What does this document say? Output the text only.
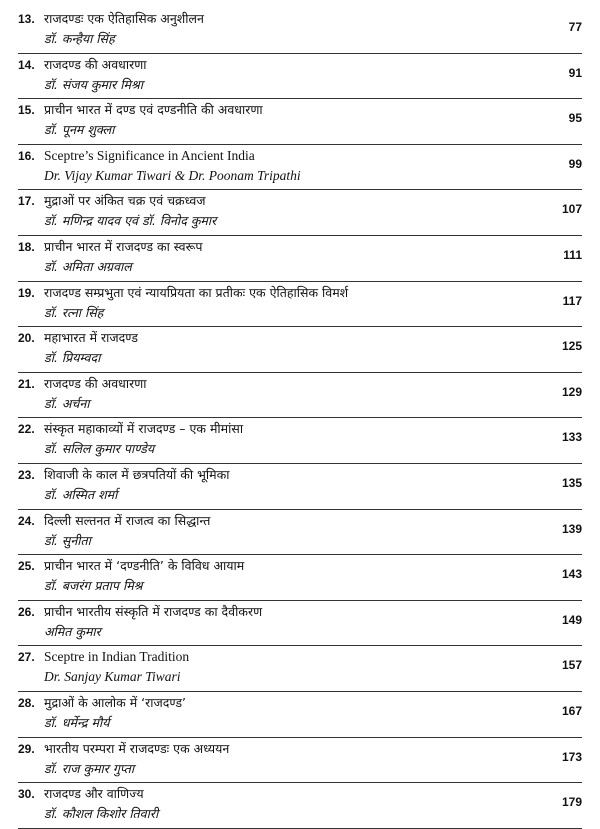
13. राजदण्डः एक ऐतिहासिक अनुशीलन
77
डॉ. कन्हैया सिंह
14. राजदण्ड की अवधारणा
91
डॉ. संजय कुमार मिश्रा
15. प्राचीन भारत में दण्ड एवं दण्डनीति की अवधारणा
95
डॉ. पूनम शुक्ला
16. Sceptre’s Significance in Ancient India
99
Dr. Vijay Kumar Tiwari & Dr. Poonam Tripathi
17. मुद्राओं पर अंकित चक्र एवं चक्रध्वज
107
डॉ. मणिन्द्र यादव एवं डॉ. विनोद कुमार
18. प्राचीन भारत में राजदण्ड का स्वरूप
111
डॉ. अमिता अग्रवाल
19. राजदण्ड सम्प्रभुता एवं न्यायप्रियता का प्रतीकः एक ऐतिहासिक विमर्श
117
डॉ. रत्ना सिंह
20. महाभारत में राजदण्ड
125
डॉ. प्रियम्वदा
21. राजदण्ड की अवधारणा
129
डॉ. अर्चना
22. संस्कृत महाकाव्यों में राजदण्ड – एक मीमांसा
133
डॉ. सलिल कुमार पाण्डेय
23. शिवाजी के काल में छत्रपतियों की भूमिका
135
डॉ. अस्मित शर्मा
24. दिल्ली सल्तनत में राजत्व का सिद्धान्त
139
डॉ. सुनीता
25. प्राचीन भारत में ‘दण्डनीति’ के विविध आयाम
143
डॉ. बजरंग प्रताप मिश्र
26. प्राचीन भारतीय संस्कृति में राजदण्ड का दैवीकरण
149
अमित कुमार
27. Sceptre in Indian Tradition
157
Dr. Sanjay Kumar Tiwari
28. मुद्राओं के आलोक में ‘राजदण्ड’
167
डॉ. धर्मेन्द्र मौर्य
29. भारतीय परम्परा में राजदण्डः एक अध्ययन
173
डॉ. राज कुमार गुप्ता
30. राजदण्ड और वाणिज्य
179
डॉ. कौशल किशोर तिवारी
